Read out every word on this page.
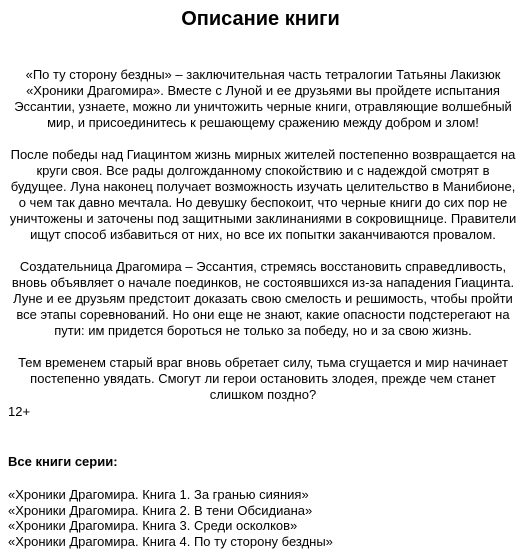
Описание книги

«По ту сторону бездны» – заключительная часть тетралогии Татьяны Лакизюк «Хроники Драгомира». Вместе с Луной и ее друзьями вы пройдете испытания Эссантии, узнаете, можно ли уничтожить черные книги, отравляющие волшебный мир, и присоединитесь к решающему сражению между добром и злом!

После победы над Гиацинтом жизнь мирных жителей постепенно возвращается на круги своя. Все рады долгожданному спокойствию и с надеждой смотрят в будущее. Луна наконец получает возможность изучать целительство в Манибионе, о чем так давно мечтала. Но девушку беспокоит, что черные книги до сих пор не уничтожены и заточены под защитными заклинаниями в сокровищнице. Правители ищут способ избавиться от них, но все их попытки заканчиваются провалом.

Создательница Драгомира – Эссантия, стремясь восстановить справедливость, вновь объявляет о начале поединков, не состоявшихся из-за нападения Гиацинта. Луне и ее друзьям предстоит доказать свою смелость и решимость, чтобы пройти все этапы соревнований. Но они еще не знают, какие опасности подстерегают на пути: им придется бороться не только за победу, но и за свою жизнь.

Тем временем старый враг вновь обретает силу, тьма сгущается и мир начинает постепенно увядать. Смогут ли герои остановить злодея, прежде чем станет слишком поздно?

12+
Все книги серии:
«Хроники Драгомира. Книга 1. За гранью сияния»
«Хроники Драгомира. Книга 2. В тени Обсидиана»
«Хроники Драгомира. Книга 3. Среди осколков»
«Хроники Драгомира. Книга 4. По ту сторону бездны»
